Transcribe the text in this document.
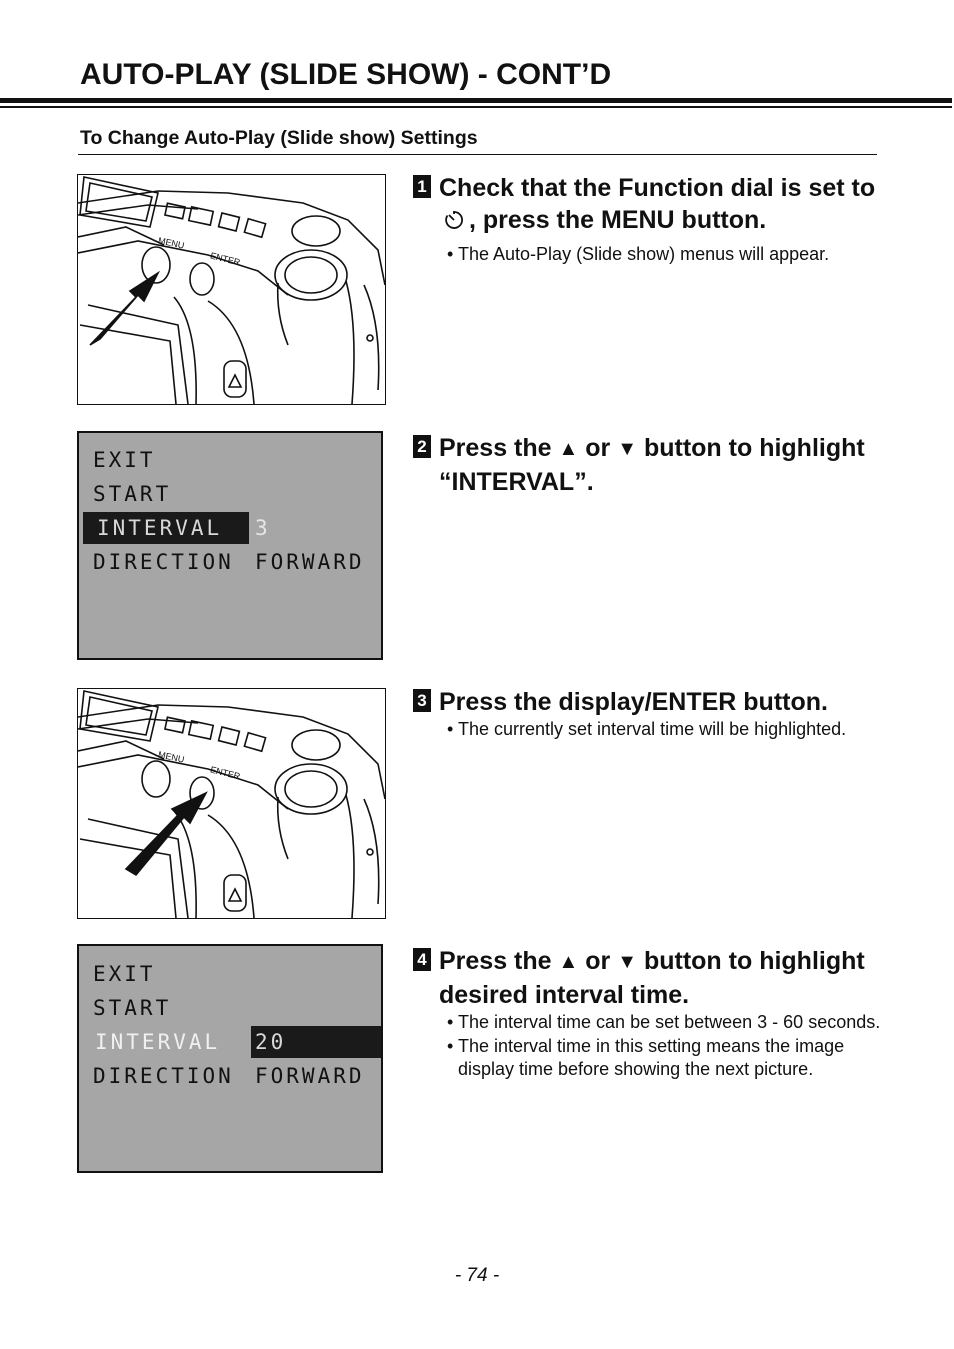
AUTO-PLAY (SLIDE SHOW) - CONT’D
To Change Auto-Play (Slide show) Settings
MENU
ENTER
1 Check that the Function dial is set to , press the MENU button.

• The Auto-Play (Slide show) menus will appear.
EXIT
START
INTERVAL 3
DIRECTION FORWARD
2 Press the ▲ or ▼ button to highlight “INTERVAL”.

MENU
ENTER
3 Press the display/ENTER button.

• The currently set interval time will be highlighted.
EXIT
START
INTERVAL 20
DIRECTION FORWARD
4 Press the ▲ or ▼ button to highlight desired interval time.

• The interval time can be set between 3 - 60 seconds.
• The interval time in this setting means the image display time before showing the next picture.
- 74 -
